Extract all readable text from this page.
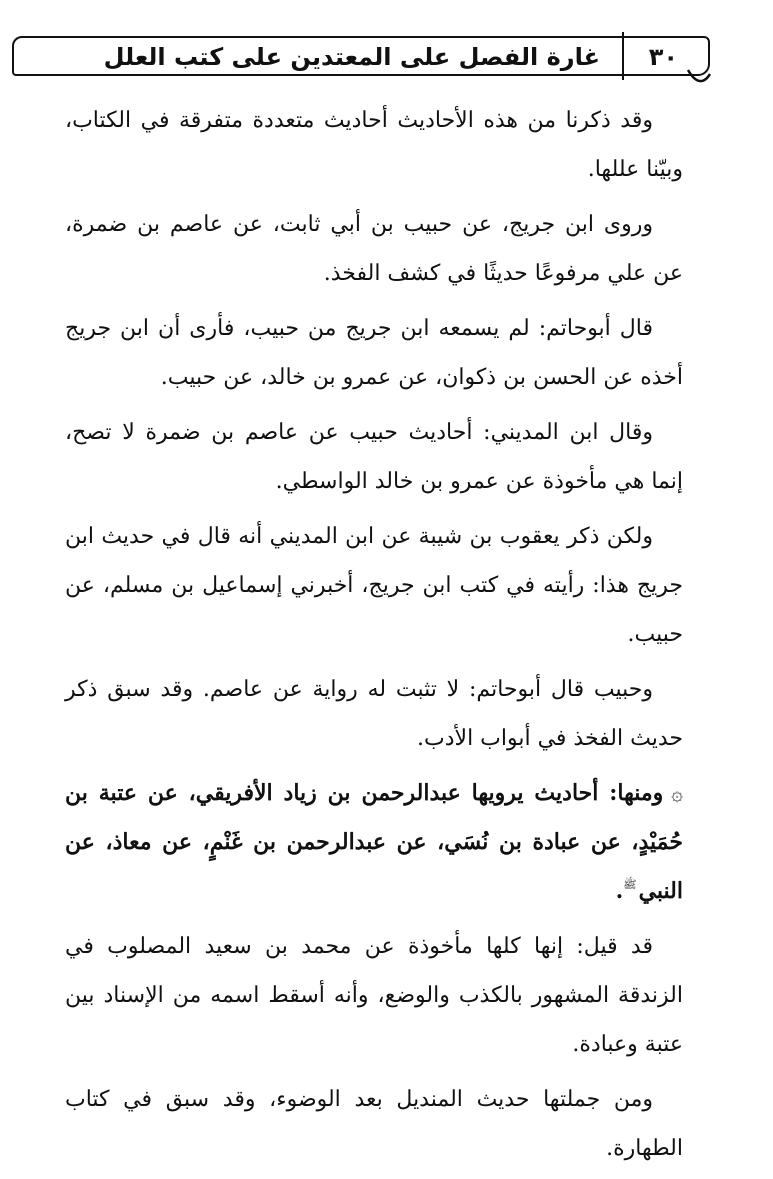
غارة الفصل على المعتدين على كتب العلل ٣٠

وقد ذكرنا من هذه الأحاديث أحاديث متعددة متفرقة في الكتاب، وبيّنا عللها.

وروى ابن جريج، عن حبيب بن أبي ثابت، عن عاصم بن ضمرة، عن علي مرفوعًا حديثًا في كشف الفخذ.

قال أبوحاتم: لم يسمعه ابن جريج من حبيب، فأرى أن ابن جريج أخذه عن الحسن بن ذكوان، عن عمرو بن خالد، عن حبيب.

وقال ابن المديني: أحاديث حبيب عن عاصم بن ضمرة لا تصح، إنما هي مأخوذة عن عمرو بن خالد الواسطي.

ولكن ذكر يعقوب بن شيبة عن ابن المديني أنه قال في حديث ابن جريج هذا: رأيته في كتب ابن جريج، أخبرني إسماعيل بن مسلم، عن حبيب.

وحبيب قال أبوحاتم: لا تثبت له رواية عن عاصم. وقد سبق ذكر حديث الفخذ في أبواب الأدب.

۞ومنها: أحاديث يرويها عبدالرحمن بن زياد الأفريقي، عن عتبة بن حُمَيْدٍ، عن عبادة بن نُسَي، عن عبدالرحمن بن غَنْمٍ، عن معاذ، عن النبيﷺ.

قد قيل: إنها كلها مأخوذة عن محمد بن سعيد المصلوب في الزندقة المشهور بالكذب والوضع، وأنه أسقط اسمه من الإسناد بين عتبة وعبادة.

ومن جملتها حديث المنديل بعد الوضوء، وقد سبق في كتاب الطهارة.
